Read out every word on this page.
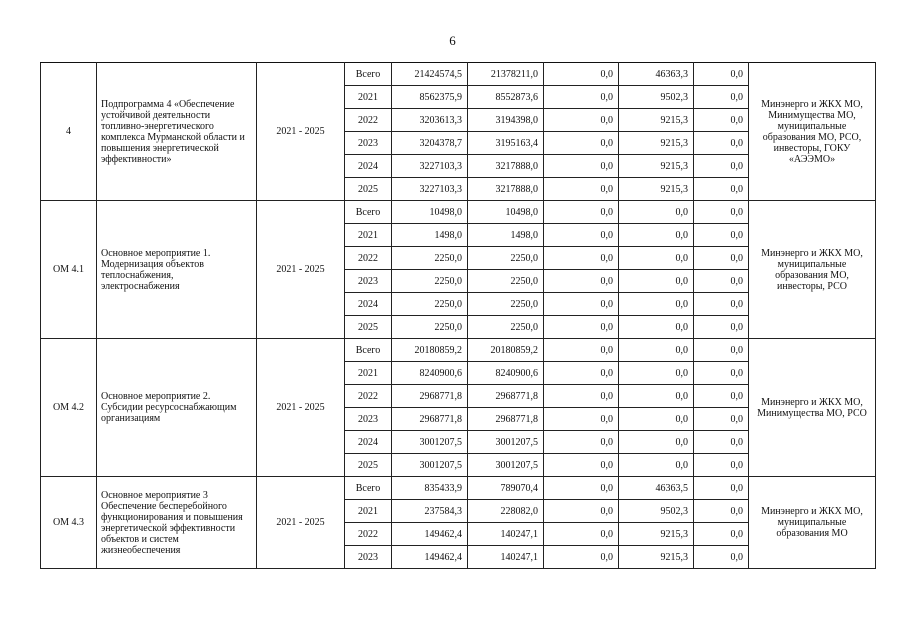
6
4	Подпрограмма 4 «Обеспечение устойчивой деятельности топливно-энергетического комплекса Мурманской области и повышения энергетической эффективности»	2021 - 2025	Всего	21424574,5	21378211,0	0,0	46363,3	0,0	Минэнерго и ЖКХ МО, Минимущества МО, муниципальные образования МО, РСО, инвесторы, ГОКУ «АЭЭМО»
			2021	8562375,9	8552873,6	0,0	9502,3	0,0	
			2022	3203613,3	3194398,0	0,0	9215,3	0,0	
			2023	3204378,7	3195163,4	0,0	9215,3	0,0	
			2024	3227103,3	3217888,0	0,0	9215,3	0,0	
			2025	3227103,3	3217888,0	0,0	9215,3	0,0	
ОМ 4.1	Основное мероприятие 1. Модернизация объектов теплоснабжения, электроснабжения	2021 - 2025	Всего	10498,0	10498,0	0,0	0,0	0,0	Минэнерго и ЖКХ МО, муниципальные образования МО, инвесторы, РСО
			2021	1498,0	1498,0	0,0	0,0	0,0	
			2022	2250,0	2250,0	0,0	0,0	0,0	
			2023	2250,0	2250,0	0,0	0,0	0,0	
			2024	2250,0	2250,0	0,0	0,0	0,0	
			2025	2250,0	2250,0	0,0	0,0	0,0	
ОМ 4.2	Основное мероприятие 2. Субсидии ресурсоснабжающим организациям	2021 - 2025	Всего	20180859,2	20180859,2	0,0	0,0	0,0	Минэнерго и ЖКХ МО, Минимущества МО, РСО
			2021	8240900,6	8240900,6	0,0	0,0	0,0	
			2022	2968771,8	2968771,8	0,0	0,0	0,0	
			2023	2968771,8	2968771,8	0,0	0,0	0,0	
			2024	3001207,5	3001207,5	0,0	0,0	0,0	
			2025	3001207,5	3001207,5	0,0	0,0	0,0	
ОМ 4.3	Основное мероприятие 3 Обеспечение бесперебойного функционирования и повышения энергетической эффективности объектов и систем жизнеобеспечения	2021 - 2025	Всего	835433,9	789070,4	0,0	46363,5	0,0	Минэнерго и ЖКХ МО, муниципальные образования МО
			2021	237584,3	228082,0	0,0	9502,3	0,0	
			2022	149462,4	140247,1	0,0	9215,3	0,0	
			2023	149462,4	140247,1	0,0	9215,3	0,0	
